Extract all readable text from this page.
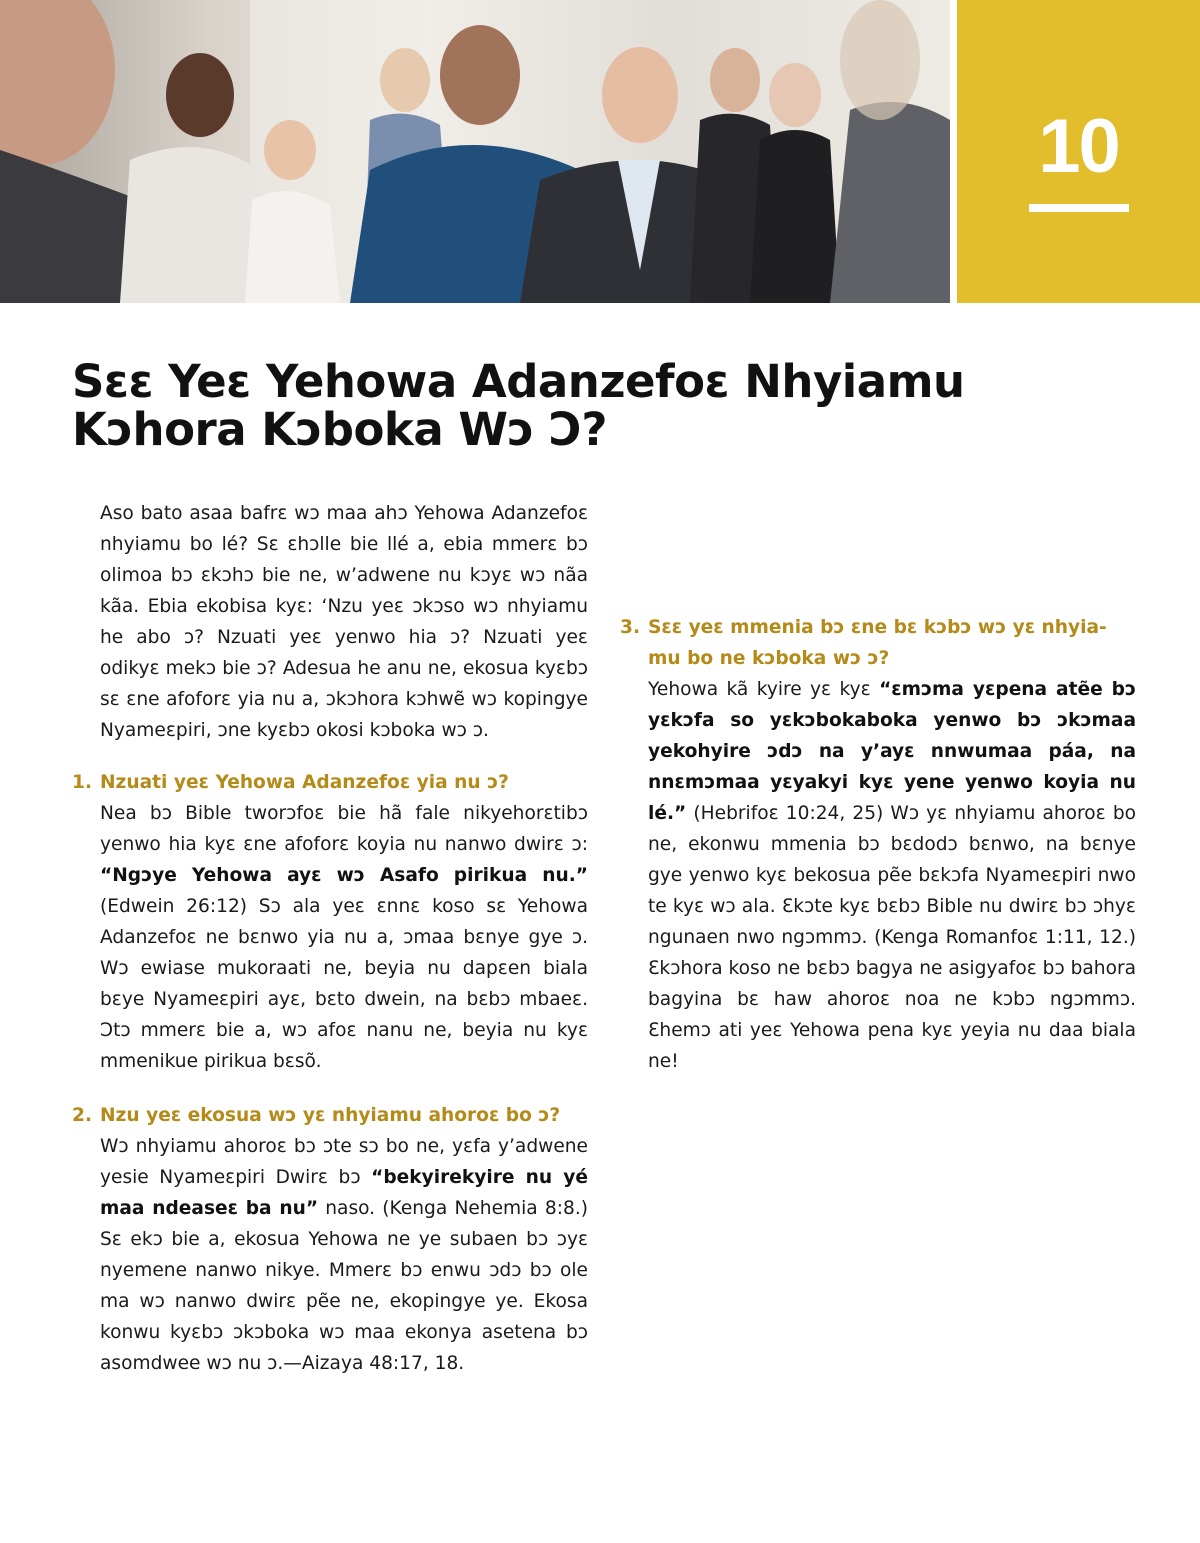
10
Sɛɛ Yeɛ Yehowa Adanzefoɛ Nhyiamu
Kɔhora Kɔboka Wɔ Ɔ?

Aso bato asaa bafrɛ wɔ maa ahɔ Yehowa Adanzefoɛ nhyiamu bo lé? Sɛ ɛhɔlle bie llé a, ebia mmerɛ bɔ olimoa bɔ ɛkɔhɔ bie ne, w’adwene nu kɔyɛ wɔ nãa kãa. Ebia ekobisa kyɛ: ‘Nzu yeɛ ɔkɔso wɔ nhyiamu he abo ɔ? Nzuati yeɛ yenwo hia ɔ? Nzuati yeɛ odikyɛ mekɔ bie ɔ? Adesua he anu ne, ekosua kyɛbɔ sɛ ɛne afoforɛ yia nu a, ɔkɔhora kɔhwẽ wɔ kopingye Nyameɛpiri, ɔne kyɛbɔ okosi kɔboka wɔ ɔ.

1. Nzuati yeɛ Yehowa Adanzefoɛ yia nu ɔ?

Nea bɔ Bible tworɔfoɛ bie hã fale nikyehorɛtibɔ yenwo hia kyɛ ɛne afoforɛ koyia nu nanwo dwirɛ ɔ: “Ngɔye Yehowa ayɛ wɔ Asafo pirikua nu.” (Edwein 26:12) Sɔ ala yeɛ ɛnnɛ koso sɛ Yehowa Adanzefoɛ ne bɛnwo yia nu a, ɔmaa bɛnye gye ɔ. Wɔ ewiase mukoraati ne, beyia nu dapɛen biala bɛye Nyameɛpiri ayɛ, bɛto dwein, na bɛbɔ mbaeɛ. Ɔtɔ mmerɛ bie a, wɔ afoɛ nanu ne, beyia nu kyɛ mmenikue pirikua bɛsõ.

2. Nzu yeɛ ekosua wɔ yɛ nhyiamu ahoroɛ bo ɔ?

Wɔ nhyiamu ahoroɛ bɔ ɔte sɔ bo ne, yɛfa y’adwene yesie Nyameɛpiri Dwirɛ bɔ “bekyirekyire nu yé maa ndeaseɛ ba nu” naso. (Kenga Nehemia 8:8.) Sɛ ekɔ bie a, ekosua Yehowa ne ye subaen bɔ ɔyɛ nyemene nanwo nikye. Mmerɛ bɔ enwu ɔdɔ bɔ ole ma wɔ nanwo dwirɛ pẽe ne, ekopingye ye. Ekosa konwu kyɛbɔ ɔkɔboka wɔ maa ekonya asetena bɔ asomdwee wɔ nu ɔ.—Aizaya 48:17, 18.

3. Sɛɛ yeɛ mmenia bɔ ɛne bɛ kɔbɔ wɔ yɛ nhyia-
mu bo ne kɔboka wɔ ɔ?

Yehowa kã kyire yɛ kyɛ “ɛmɔma yɛpena atẽe bɔ yɛkɔfa so yɛkɔbokaboka yenwo bɔ ɔkɔmaa yekohyire ɔdɔ na y’ayɛ nnwumaa páa, na nnɛmɔmaa yɛyakyi kyɛ yene yenwo koyia nu lé.” (Hebrifoɛ 10:24, 25) Wɔ yɛ nhyiamu ahoroɛ bo ne, ekonwu mmenia bɔ bɛdodɔ bɛnwo, na bɛnye gye yenwo kyɛ bekosua pẽe bɛkɔfa Nyameɛpiri nwo te kyɛ wɔ ala. Ɛkɔte kyɛ bɛbɔ Bible nu dwirɛ bɔ ɔhyɛ ngunaen nwo ngɔmmɔ. (Kenga Romanfoɛ 1:11, 12.) Ɛkɔhora koso ne bɛbɔ bagya ne asigyafoɛ bɔ bahora bagyina bɛ haw ahoroɛ noa ne kɔbɔ ngɔmmɔ. Ɛhemɔ ati yeɛ Yehowa pena kyɛ yeyia nu daa biala ne!
